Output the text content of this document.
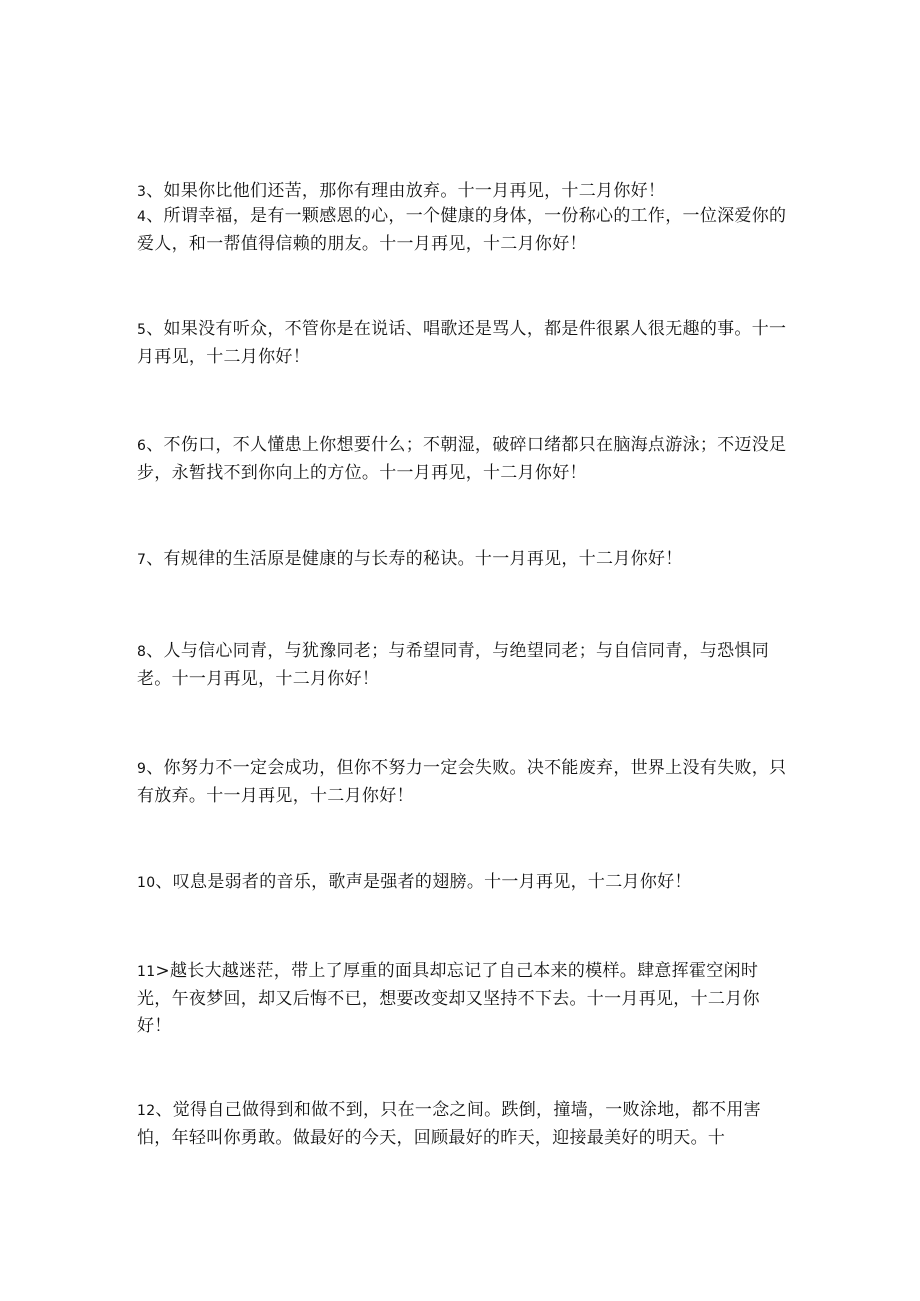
3、如果你比他们还苦，那你有理由放弃。十一月再见，十二月你好！

4、所谓幸福，是有一颗感恩的心，一个健康的身体，一份称心的工作，一位深爱你的爱人，和一帮值得信赖的朋友。十一月再见，十二月你好！

5、如果没有听众，不管你是在说话、唱歌还是骂人，都是件很累人很无趣的事。十一月再见，十二月你好！

6、不伤口，不人懂患上你想要什么；不朝湿，破碎口绪都只在脑海点游泳；不迈没足步，永暂找不到你向上的方位。十一月再见，十二月你好！

7、有规律的生活原是健康的与长寿的秘诀。十一月再见，十二月你好！

8、人与信心同青，与犹豫同老；与希望同青，与绝望同老；与自信同青，与恐惧同老。十一月再见，十二月你好！

9、你努力不一定会成功，但你不努力一定会失败。决不能废弃，世界上没有失败，只有放弃。十一月再见，十二月你好！

10、叹息是弱者的音乐，歌声是强者的翅膀。十一月再见，十二月你好！

11>越长大越迷茫，带上了厚重的面具却忘记了自己本来的模样。肆意挥霍空闲时光，午夜梦回，却又后悔不已，想要改变却又坚持不下去。十一月再见，十二月你好！

12、觉得自己做得到和做不到，只在一念之间。跌倒，撞墙，一败涂地，都不用害怕，年轻叫你勇敢。做最好的今天，回顾最好的昨天，迎接最美好的明天。十
